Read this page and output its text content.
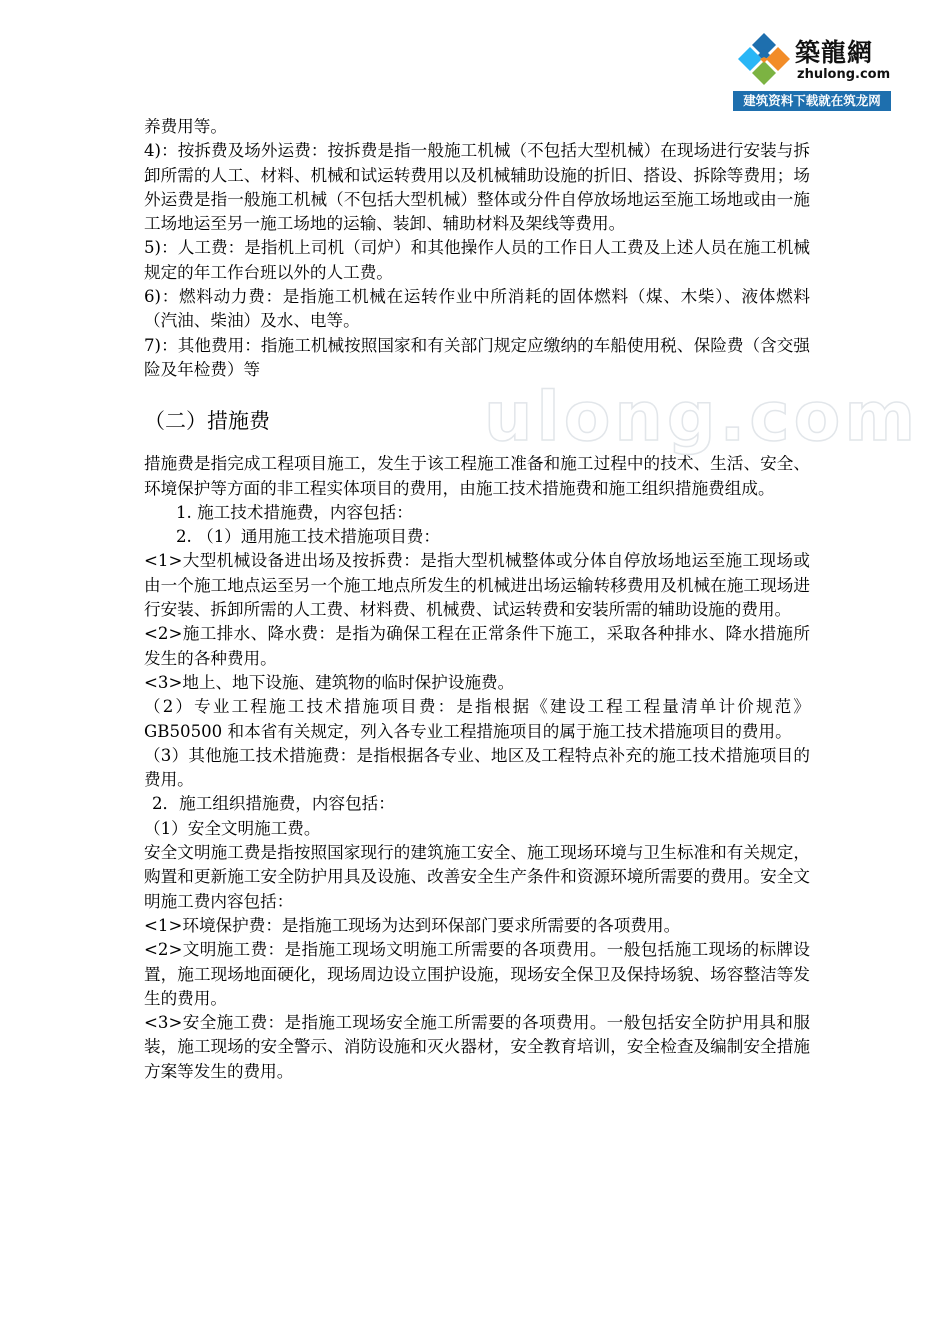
築龍網
zhulong.com
建筑资料下载就在筑龙网
ulong.com

养费用等。

4)：按拆费及场外运费：按拆费是指一般施工机械（不包括大型机械）在现场进行安装与拆卸所需的人工、材料、机械和试运转费用以及机械辅助设施的折旧、搭设、拆除等费用；场外运费是指一般施工机械（不包括大型机械）整体或分件自停放场地运至施工场地或由一施工场地运至另一施工场地的运输、装卸、辅助材料及架线等费用。

5)：人工费：是指机上司机（司炉）和其他操作人员的工作日人工费及上述人员在施工机械规定的年工作台班以外的人工费。

6)：燃料动力费：是指施工机械在运转作业中所消耗的固体燃料（煤、木柴）、液体燃料（汽油、柴油）及水、电等。

7)：其他费用：指施工机械按照国家和有关部门规定应缴纳的车船使用税、保险费（含交强险及年检费）等

（二）措施费

措施费是指完成工程项目施工，发生于该工程施工准备和施工过程中的技术、生活、安全、环境保护等方面的非工程实体项目的费用，由施工技术措施费和施工组织措施费组成。

1. 施工技术措施费，内容包括：

2. （1）通用施工技术措施项目费：

<1>大型机械设备进出场及按拆费：是指大型机械整体或分体自停放场地运至施工现场或由一个施工地点运至另一个施工地点所发生的机械进出场运输转移费用及机械在施工现场进行安装、拆卸所需的人工费、材料费、机械费、试运转费和安装所需的辅助设施的费用。

<2>施工排水、降水费：是指为确保工程在正常条件下施工，采取各种排水、降水措施所发生的各种费用。

<3>地上、地下设施、建筑物的临时保护设施费。

（2）专业工程施工技术措施项目费：是指根据《建设工程工程量清单计价规范》GB50500 和本省有关规定，列入各专业工程措施项目的属于施工技术措施项目的费用。

（3）其他施工技术措施费：是指根据各专业、地区及工程特点补充的施工技术措施项目的费用。

2．施工组织措施费，内容包括：

（1）安全文明施工费。

安全文明施工费是指按照国家现行的建筑施工安全、施工现场环境与卫生标准和有关规定，购置和更新施工安全防护用具及设施、改善安全生产条件和资源环境所需要的费用。安全文明施工费内容包括：

<1>环境保护费：是指施工现场为达到环保部门要求所需要的各项费用。

<2>文明施工费：是指施工现场文明施工所需要的各项费用。一般包括施工现场的标牌设置，施工现场地面硬化，现场周边设立围护设施，现场安全保卫及保持场貌、场容整洁等发生的费用。

<3>安全施工费：是指施工现场安全施工所需要的各项费用。一般包括安全防护用具和服装，施工现场的安全警示、消防设施和灭火器材，安全教育培训，安全检查及编制安全措施方案等发生的费用。
